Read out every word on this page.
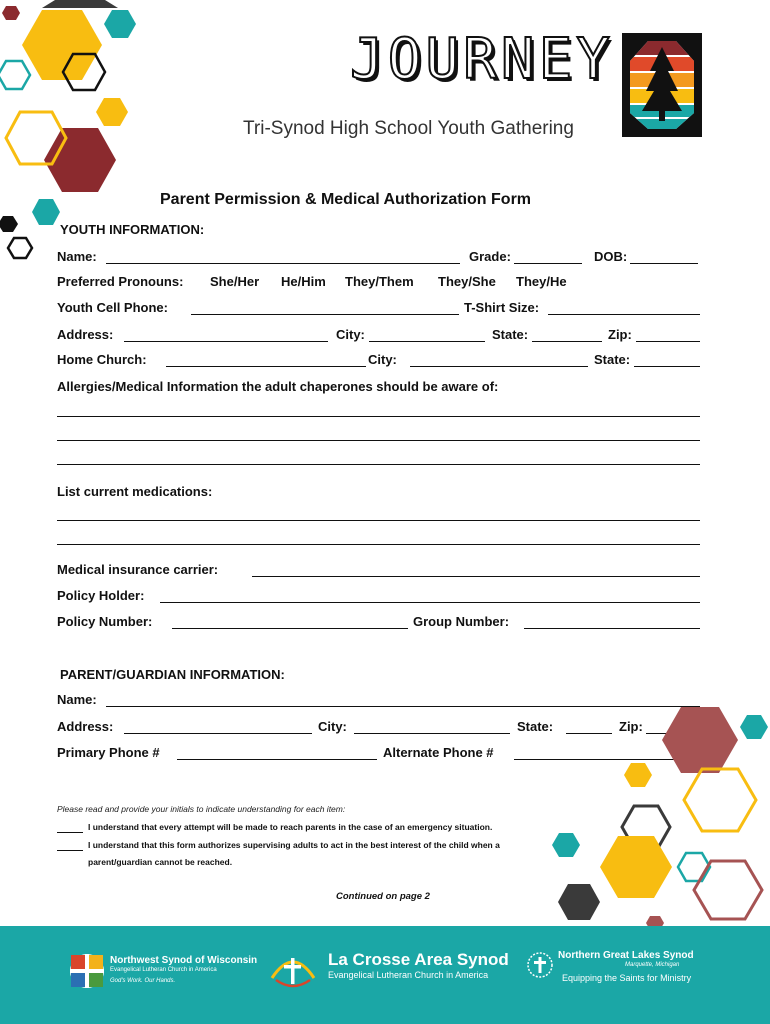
JOURNEY
Tri-Synod High School Youth Gathering
Parent Permission & Medical Authorization Form
YOUTH INFORMATION:
Name:	Grade:	DOB:
Preferred Pronouns: She/Her He/Him They/Them They/She They/He
Youth Cell Phone:	T-Shirt Size:
Address:	City:	State:	Zip:
Home Church:	City:	State:
Allergies/Medical Information the adult chaperones should be aware of:
List current medications:
Medical insurance carrier:
Policy Holder:
Policy Number:	Group Number:
PARENT/GUARDIAN INFORMATION:
Name:
Address:	City:	State:	Zip:
Primary Phone #	Alternate Phone #
Please read and provide your initials to indicate understanding for each item:
I understand that every attempt will be made to reach parents in the case of an emergency situation.
I understand that this form authorizes supervising adults to act in the best interest of the child when a
parent/guardian cannot be reached.
Continued on page 2
Northwest Synod of Wisconsin
Evangelical Lutheran Church in America
God's Work. Our Hands.
La Crosse Area Synod
Evangelical Lutheran Church in America
Northern Great Lakes Synod
Marquette, Michigan
Equipping the Saints for Ministry
